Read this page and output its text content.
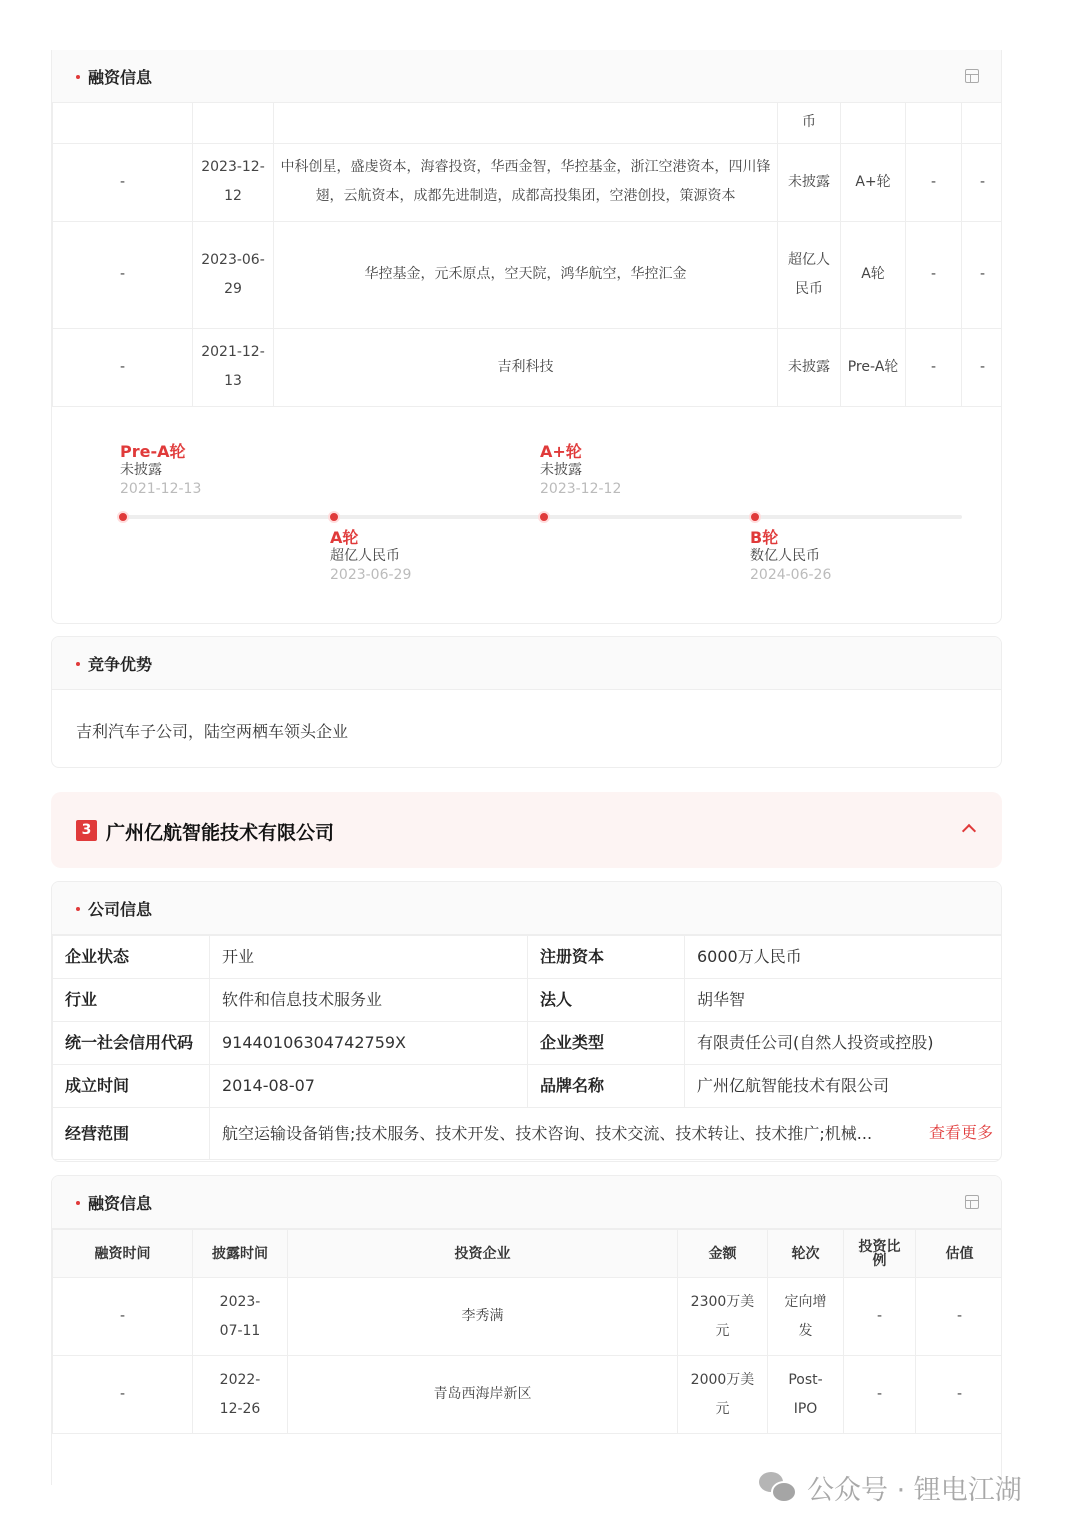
融资信息
			币			
-	2023-12-12	中科创星，盛虔资本，海睿投资，华西金智，华控基金，浙江空港资本，四川锋翅，云航资本，成都先进制造，成都高投集团，空港创投，策源资本	未披露	A+轮	-	-
-	2023-06-29	华控基金，元禾原点，空天院，鸿华航空，华控汇金	超亿人民币	A轮	-	-
-	2021-12-13	吉利科技	未披露	Pre-A轮	-	-
Pre-A轮
未披露
2021-12-13
A轮
超亿人民币
2023-06-29
A+轮
未披露
2023-12-12
B轮
数亿人民币
2024-06-26
竞争优势
吉利汽车子公司，陆空两栖车领头企业
3 广州亿航智能技术有限公司
公司信息
企业状态	开业	注册资本	6000万人民币
行业	软件和信息技术服务业	法人	胡华智
统一社会信用代码	91440106304742759X	企业类型	有限责任公司(自然人投资或控股)
成立时间	2014-08-07	品牌名称	广州亿航智能技术有限公司
经营范围	航空运输设备销售;技术服务、技术开发、技术咨询、技术交流、技术转让、技术推广;机械... 查看更多		
融资信息
融资时间	披露时间	投资企业	金额	轮次	投资比例	估值
-	2023-07-11	李秀满	2300万美元	定向增发	-	-
-	2022-12-26	青岛西海岸新区	2000万美元	Post-IPO	-	-
公众号 · 锂电江湖
